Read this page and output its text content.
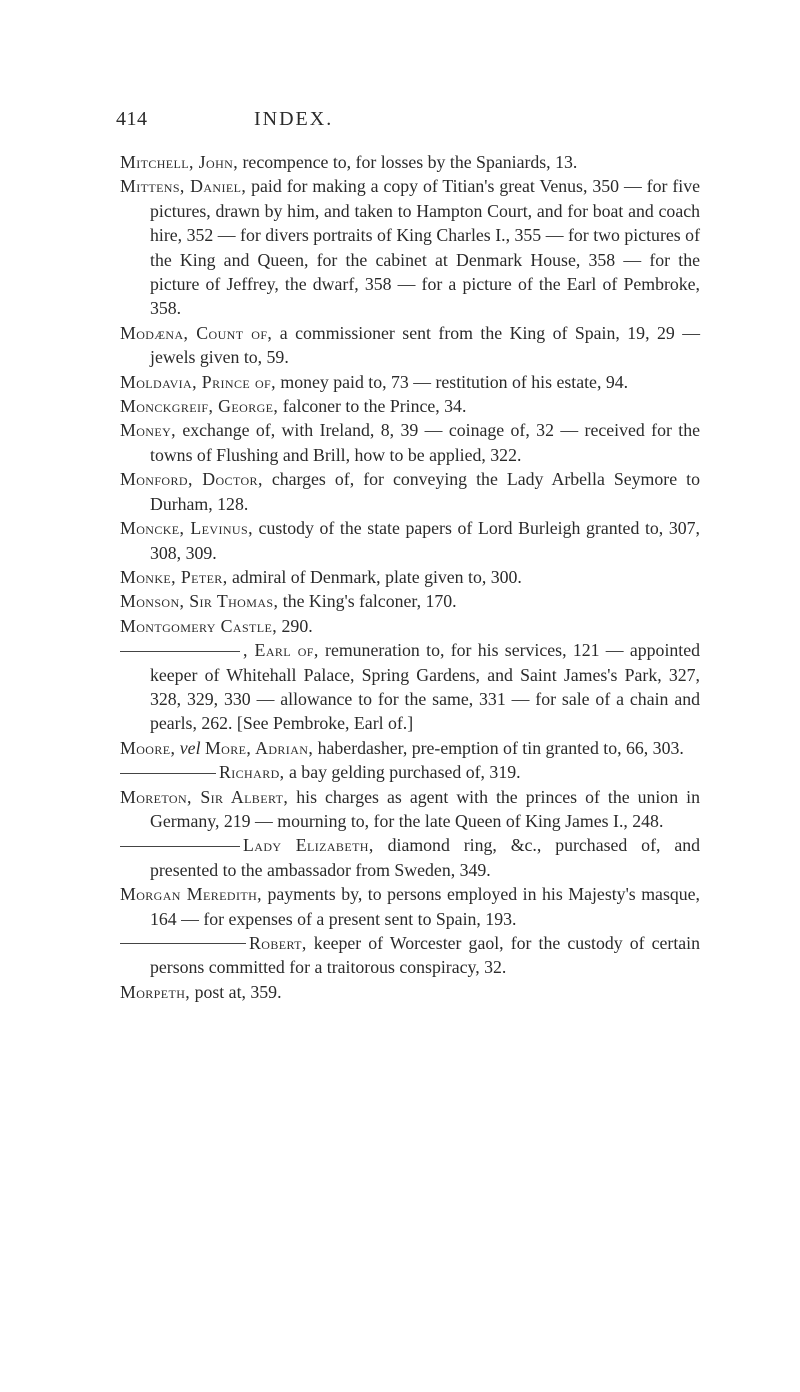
414	INDEX.
Mitchell, John, recompence to, for losses by the Spaniards, 13.
Mittens, Daniel, paid for making a copy of Titian's great Venus, 350 — for five pictures, drawn by him, and taken to Hampton Court, and for boat and coach hire, 352 — for divers portraits of King Charles I., 355 — for two pictures of the King and Queen, for the cabinet at Denmark House, 358 — for the picture of Jeffrey, the dwarf, 358 — for a picture of the Earl of Pembroke, 358.
Modæna, Count of, a commissioner sent from the King of Spain, 19, 29 — jewels given to, 59.
Moldavia, Prince of, money paid to, 73 — restitution of his estate, 94.
Monckgreif, George, falconer to the Prince, 34.
Money, exchange of, with Ireland, 8, 39 — coinage of, 32 — received for the towns of Flushing and Brill, how to be applied, 322.
Monford, Doctor, charges of, for conveying the Lady Arbella Seymore to Durham, 128.
Moncke, Levinus, custody of the state papers of Lord Burleigh granted to, 307, 308, 309.
Monke, Peter, admiral of Denmark, plate given to, 300.
Monson, Sir Thomas, the King's falconer, 170.
Montgomery Castle, 290.
, Earl of, remuneration to, for his services, 121 — appointed keeper of Whitehall Palace, Spring Gardens, and Saint James's Park, 327, 328, 329, 330 — allowance to for the same, 331 — for sale of a chain and pearls, 262. [See Pembroke, Earl of.]
Moore, vel More, Adrian, haberdasher, pre-emption of tin granted to, 66, 303.
Richard, a bay gelding purchased of, 319.
Moreton, Sir Albert, his charges as agent with the princes of the union in Germany, 219 — mourning to, for the late Queen of King James I., 248.
Lady Elizabeth, diamond ring, &c., purchased of, and presented to the ambassador from Sweden, 349.
Morgan Meredith, payments by, to persons employed in his Majesty's masque, 164 — for expenses of a present sent to Spain, 193.
Robert, keeper of Worcester gaol, for the custody of certain persons committed for a traitorous conspiracy, 32.
Morpeth, post at, 359.
